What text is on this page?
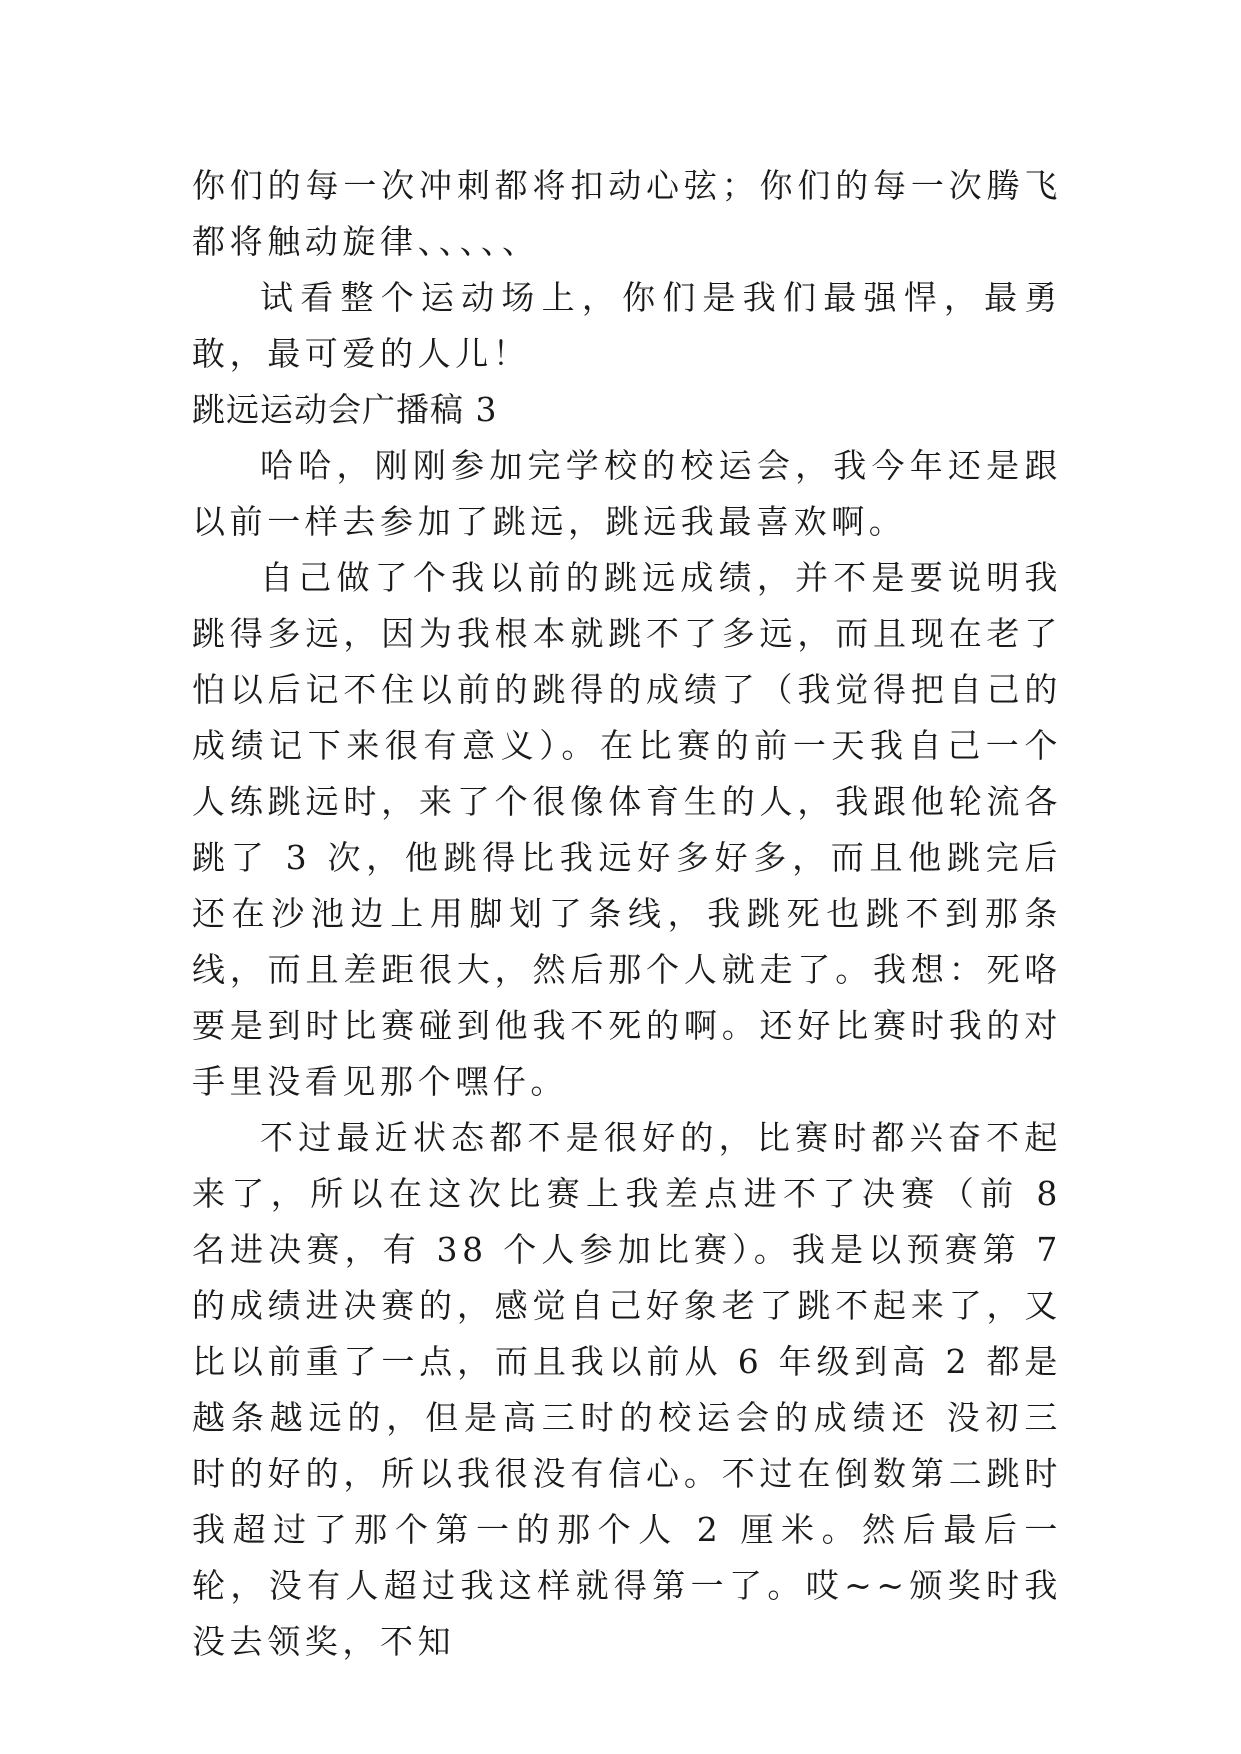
你们的每一次冲刺都将扣动心弦；你们的每一次腾飞都将触动旋律、、、、、

试看整个运动场上，你们是我们最强悍，最勇敢，最可爱的人儿！

跳远运动会广播稿 3

哈哈，刚刚参加完学校的校运会，我今年还是跟以前一样去参加了跳远，跳远我最喜欢啊。

自己做了个我以前的跳远成绩，并不是要说明我跳得多远，因为我根本就跳不了多远，而且现在老了怕以后记不住以前的跳得的成绩了（我觉得把自己的成绩记下来很有意义）。在比赛的前一天我自己一个人练跳远时，来了个很像体育生的人，我跟他轮流各跳了 3 次，他跳得比我远好多好多，而且他跳完后还在沙池边上用脚划了条线，我跳死也跳不到那条线，而且差距很大，然后那个人就走了。我想：死咯要是到时比赛碰到他我不死的啊。还好比赛时我的对手里没看见那个嘿仔。

不过最近状态都不是很好的，比赛时都兴奋不起来了，所以在这次比赛上我差点进不了决赛（前 8 名进决赛，有 38 个人参加比赛）。我是以预赛第 7 的成绩进决赛的，感觉自己好象老了跳不起来了，又比以前重了一点，而且我以前从 6 年级到高 2 都是越条越远的，但是高三时的校运会的成绩还 没初三时的好的，所以我很没有信心。不过在倒数第二跳时我超过了那个第一的那个人 2 厘米。然后最后一轮，没有人超过我这样就得第一了。哎~~颁奖时我没去领奖，不知
